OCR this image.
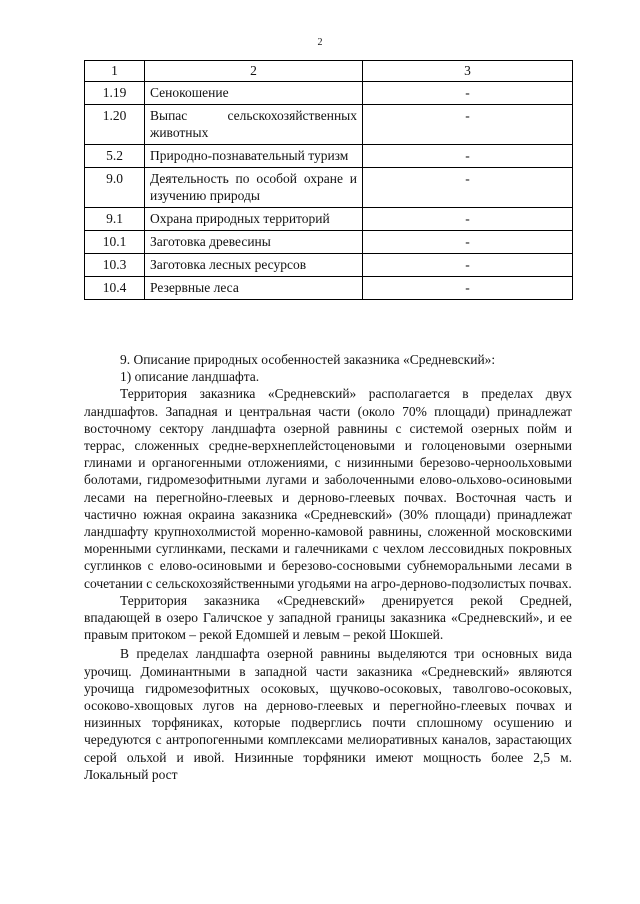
2
1	2	3
1.19	Сенокошение	-
1.20	Выпас сельскохозяйственных животных	-
5.2	Природно-познавательный туризм	-
9.0	Деятельность по особой охране и изучению природы	-
9.1	Охрана природных территорий	-
10.1	Заготовка древесины	-
10.3	Заготовка лесных ресурсов	-
10.4	Резервные леса	-

9. Описание природных особенностей заказника «Средневский»:

1) описание ландшафта.

Территория заказника «Средневский» располагается в пределах двух ландшафтов. Западная и центральная части (около 70% площади) принадлежат восточному сектору ландшафта озерной равнины с системой озерных пойм и террас, сложенных средне-верхнеплейстоценовыми и голоценовыми озерными глинами и органогенными отложениями, с низинными березово-черноольховыми болотами, гидромезофитными лугами и заболоченными елово-ольхово-осиновыми лесами на перегнойно-глеевых и дерново-глеевых почвах. Восточная часть и частично южная окраина заказника «Средневский» (30% площади) принадлежат ландшафту крупнохолмистой моренно-камовой равнины, сложенной московскими моренными суглинками, песками и галечниками с чехлом лессовидных покровных суглинков с елово-осиновыми и березово-сосновыми субнеморальными лесами в сочетании с сельскохозяйственными угодьями на агро-дерново-подзолистых почвах.

Территория заказника «Средневский» дренируется рекой Средней, впадающей в озеро Галичское у западной границы заказника «Средневский», и ее правым притоком – рекой Едомшей и левым – рекой Шокшей.

В пределах ландшафта озерной равнины выделяются три основных вида урочищ. Доминантными в западной части заказника «Средневский» являются урочища гидромезофитных осоковых, щучково-осоковых, таволгово-осоковых, осоково-хвощовых лугов на дерново-глеевых и перегнойно-глеевых почвах и низинных торфяниках, которые подверглись почти сплошному осушению и чередуются с антропогенными комплексами мелиоративных каналов, зарастающих серой ольхой и ивой. Низинные торфяники имеют мощность более 2,5 м. Локальный рост
